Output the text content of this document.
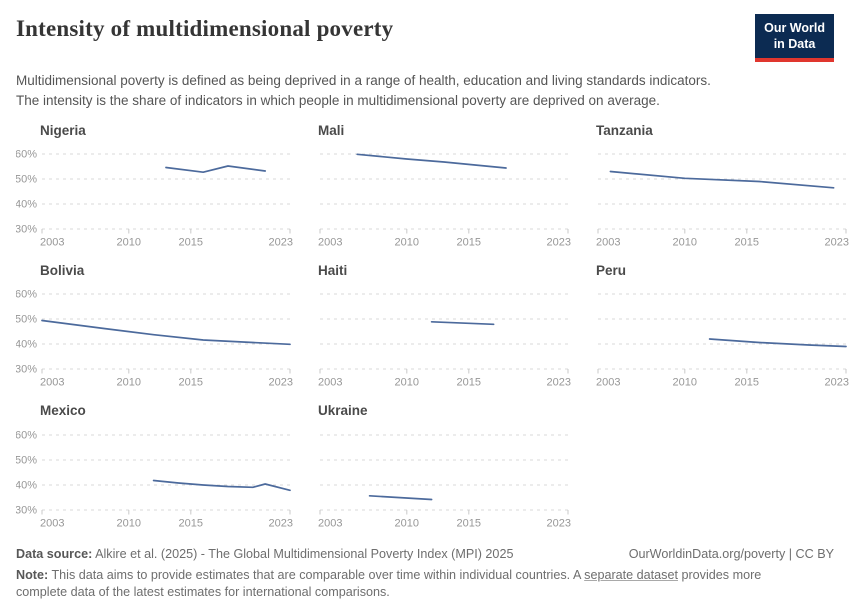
Intensity of multidimensional poverty	Our World
in Data
Multidimensional poverty is defined as being deprived in a range of health, education and living standards indicators. The intensity is the share of indicators in which people in multidimensional poverty are deprived on average.
Nigeria
30%
40%
50%
60%
2003	2010	2015	2023
Mali
2003	2010	2015	2023
Tanzania
2003	2010	2015	2023
Bolivia
30%
40%
50%
60%
2003	2010	2015	2023
Haiti
2003	2010	2015	2023
Peru
2003	2010	2015	2023
Mexico
30%
40%
50%
60%
2003	2010	2015	2023
Ukraine
2003	2010	2015	2023
Data source: Alkire et al. (2025) - The Global Multidimensional Poverty Index (MPI) 2025	OurWorldinData.org/poverty | CC BY
Note: This data aims to provide estimates that are comparable over time within individual countries. A separate dataset provides more complete data of the latest estimates for international comparisons.
